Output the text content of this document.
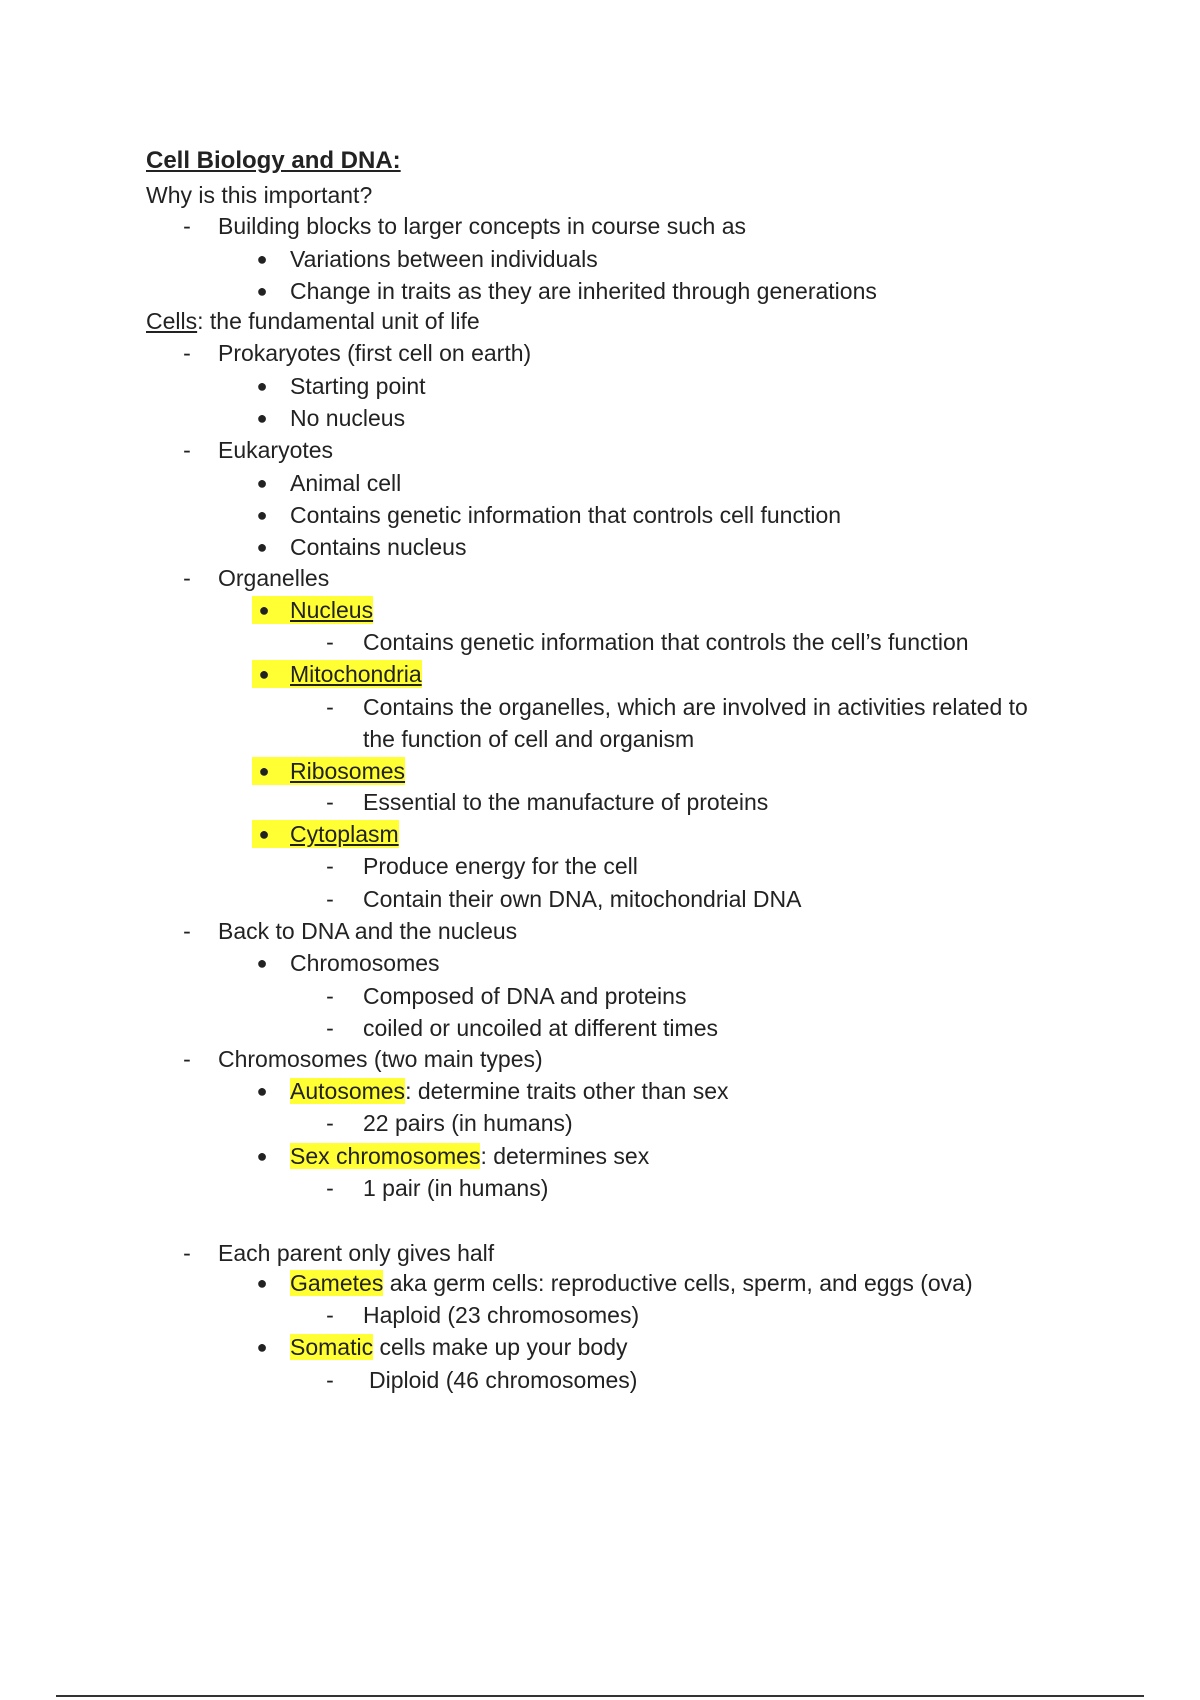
Cell Biology and DNA:
Why is this important?
- Building blocks to larger concepts in course such as
● Variations between individuals
● Change in traits as they are inherited through generations
Cells: the fundamental unit of life
- Prokaryotes (first cell on earth)
● Starting point
● No nucleus
- Eukaryotes
● Animal cell
● Contains genetic information that controls cell function
● Contains nucleus
- Organelles
● Nucleus
- Contains genetic information that controls the cell’s function
● Mitochondria
- Contains the organelles, which are involved in activities related to
the function of cell and organism
● Ribosomes
- Essential to the manufacture of proteins
● Cytoplasm
- Produce energy for the cell
- Contain their own DNA, mitochondrial DNA
- Back to DNA and the nucleus
● Chromosomes
- Composed of DNA and proteins
- coiled or uncoiled at different times
- Chromosomes (two main types)
● Autosomes: determine traits other than sex
- 22 pairs (in humans)
● Sex chromosomes: determines sex
- 1 pair (in humans)
- Each parent only gives half
● Gametes aka germ cells: reproductive cells, sperm, and eggs (ova)
- Haploid (23 chromosomes)
● Somatic cells make up your body
- Diploid (46 chromosomes)
